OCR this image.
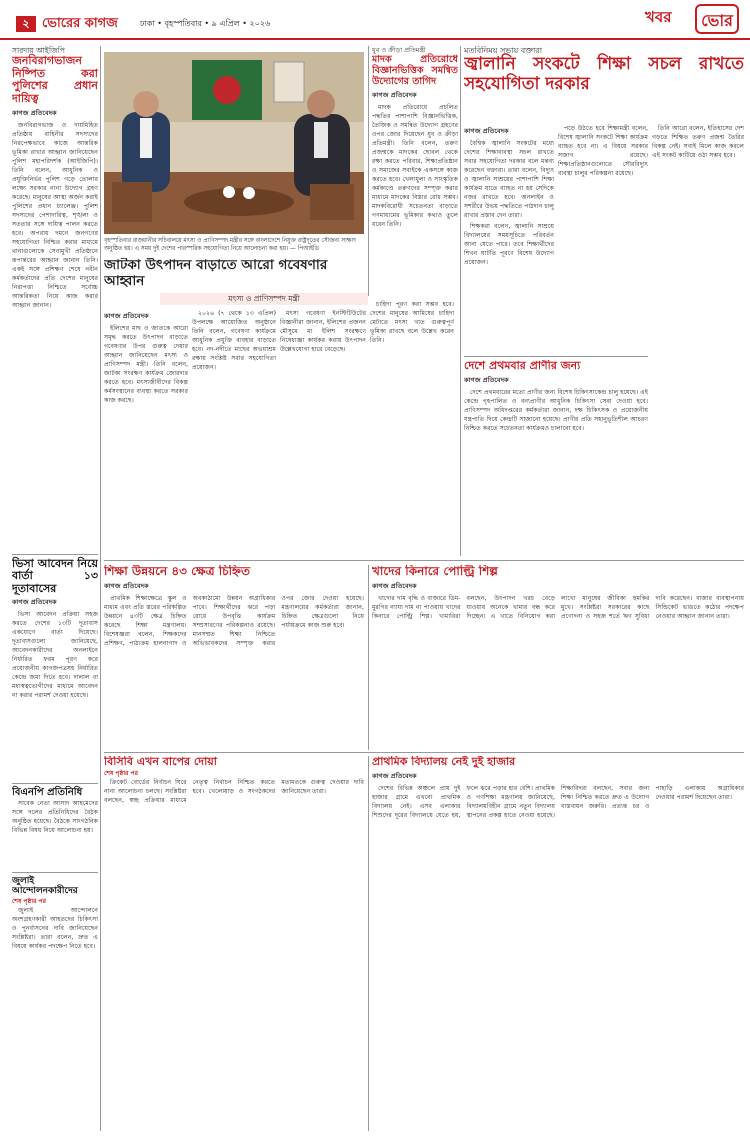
২ ভোরের কাগজ	ঢাকা • বৃহস্পতিবার • ৯ এপ্রিল • ২০২৬	খবর	ভোর
সারদায় আইজিপি
জনবিরাগভাজন নিষ্পিত করা পুলিশের প্রধান দায়িত্ব
কাগজ প্রতিবেদক

জনবিরাগভাজ ও দায়মিহিত প্রতিষ্ঠায় বাহিনীর সদস্যদের নিরপেক্ষভাবে কাজে আন্তরিক ভূমিকা রাখার আহ্বান জানিয়েছেন পুলিশ মহাপরিদর্শক (আইজিপি)। তিনি বলেন, আধুনিক ও প্রযুক্তিনির্ভর পুলিশ গড়ে তোলার লক্ষ্যে সরকার নানা উদ্যোগ গ্রহণ করেছে। মানুষের আস্থা অর্জন করাই পুলিশের প্রধান চ্যালেঞ্জ। পুলিশ সদস্যদের পেশাদারিত্ব, শৃঙ্খলা ও সততার সঙ্গে দায়িত্ব পালন করতে হবে। অপরাধ দমনে জনগণের সহযোগিতা নিশ্চিত করার মাধ্যমে থানাগুলোকে সেবামুখী প্রতিষ্ঠানে রূপান্তরের আহ্বান জানান তিনি। একই সঙ্গে প্রশিক্ষণ শেষে নবীন কর্মকর্তাদের প্রতি দেশের মানুষের নিরাপত্তা নিশ্চিতে সর্বোচ্চ আন্তরিকতা নিয়ে কাজ করার আহ্বান জানান।

ভিসা আবেদন নিয়ে বার্তা ১৩ দূতাবাসের
কাগজ প্রতিবেদক

ভিসা আবেদন প্রক্রিয়া সহজ করতে দেশের ১৩টি দূতাবাস একযোগে বার্তা দিয়েছে। দূতাবাসগুলো জানিয়েছে, আবেদনকারীদের অনলাইনে নির্ধারিত ফরম পূরণ করে প্রয়োজনীয় কাগজপত্রসহ নির্ধারিত কেন্দ্রে জমা দিতে হবে। দালাল বা মধ্যস্বত্বভোগীদের মাধ্যমে আবেদন না করার পরামর্শ দেওয়া হয়েছে।

বিএনপি প্রতিনিধি

সাবেক নেতা আসাদ আহমেদের সঙ্গে দলের প্রতিনিধিদের বৈঠক অনুষ্ঠিত হয়েছে। বৈঠকে সাংগঠনিক বিভিন্ন বিষয় নিয়ে আলোচনা হয়।

জুলাই আন্দোলনকারীদের
শেষ পৃষ্ঠার পর

জুলাই আন্দোলনে অংশগ্রহণকারী আহতদের চিকিৎসা ও পুনর্বাসনের দাবি জানিয়েছেন সংশ্লিষ্টরা। তারা বলেন, দ্রুত এ বিষয়ে কার্যকর পদক্ষেপ নিতে হবে।

বৃহস্পতিবার রাজধানীর সচিবালয়ে মৎস্য ও প্রাণিসম্পদ মন্ত্রীর সঙ্গে বাংলাদেশে নিযুক্ত রাষ্ট্রদূতের সৌজন্য সাক্ষাৎ অনুষ্ঠিত হয়। এ সময় দুই দেশের পারস্পরিক সহযোগিতা নিয়ে আলোচনা করা হয়। — পিআইডি
জাটকা উৎপাদন বাড়াতে আরো গবেষণার আহ্বান
মৎস্য ও প্রাণিসম্পদ মন্ত্রী
কাগজ প্রতিবেদক

ইলিশের মাছ ও জাতকে আরো সমৃদ্ধ করতে উৎপাদন বাড়াতে গবেষণার উপর গুরুত্ব দেয়ার আহ্বান জানিয়েছেন মৎস্য ও প্রাণিসম্পদ মন্ত্রী। তিনি বলেন, জাটকা সংরক্ষণ কার্যক্রম জোরদার করতে হবে। মৎস্যজীবীদের বিকল্প কর্মসংস্থানের ব্যবস্থা করতে সরকার কাজ করছে।

২০২৬ (৭ থেকে ১৩ এপ্রিল) উপলক্ষে আয়োজিত অনুষ্ঠানে তিনি বলেন, গবেষণা কার্যক্রমে আধুনিক প্রযুক্তি ব্যবহার বাড়াতে হবে। নদ-নদীতে মাছের অভয়াশ্রম রক্ষায় সংশ্লিষ্ট সবার সহযোগিতা প্রয়োজন।

মৎস্য গবেষণা ইনস্টিটিউটের বিজ্ঞানীরা জানান, ইলিশের প্রজনন মৌসুমে মা ইলিশ সংরক্ষণে নিষেধাজ্ঞা কার্যকর করায় উৎপাদন উল্লেখযোগ্য হারে বেড়েছে।

চাহিদা পূরণ করা সম্ভব হবে। দেশের মানুষের আমিষের চাহিদা মেটাতে মৎস্য খাত গুরুত্বপূর্ণ ভূমিকা রাখছে বলে উল্লেখ করেন তিনি।

যুব ও ক্রীড়া প্রতিমন্ত্রী
মাদক প্রতিরোধে বিজ্ঞানভিত্তিক সমন্বিত উদ্যোগের তাগিদ
কাগজ প্রতিবেদক

মাদক প্রতিরোধে প্রচলিত পদ্ধতির পাশাপাশি বিজ্ঞানভিত্তিক, তৈজিক ও সমন্বিত উদ্যোগ গ্রহণের ওপর জোর দিয়েছেন যুব ও ক্রীড়া প্রতিমন্ত্রী। তিনি বলেন, তরুণ প্রজন্মকে মাদকের ছোবল থেকে রক্ষা করতে পরিবার, শিক্ষাপ্রতিষ্ঠান ও সমাজের সবাইকে একসঙ্গে কাজ করতে হবে। খেলাধুলা ও সাংস্কৃতিক কর্মকাণ্ডে তরুণদের সম্পৃক্ত করার মাধ্যমে মাদকের বিস্তার রোধ সম্ভব। মাদকবিরোধী সচেতনতা বাড়াতে গণমাধ্যমের ভূমিকার কথাও তুলে ধরেন তিনি।

মতবিনিময় সভায় বক্তারা
জ্বালানি সংকটে শিক্ষা সচল রাখতে সহযোগিতা দরকার
কাগজ প্রতিবেদক

বৈশ্বিক জ্বালানি সংকটের মধ্যে দেশের শিক্ষাব্যবস্থা সচল রাখতে সবার সহযোগিতা দরকার বলে মন্তব্য করেছেন বক্তারা। তারা বলেন, বিদ্যুৎ ও জ্বালানি সাশ্রয়ের পাশাপাশি শিক্ষা কার্যক্রম যাতে ব্যাহত না হয় সেদিকে নজর রাখতে হবে। অনলাইন ও সশরীরে উভয় পদ্ধতিতে পাঠদান চালু রাখার প্রস্তাব দেন তারা।

শিক্ষকরা বলেন, জ্বালানি সাশ্রয়ে বিদ্যালয়ের সময়সূচিতে পরিবর্তন আনা যেতে পারে। তবে শিক্ষার্থীদের শিখন ঘাটতি পূরণে বিশেষ উদ্যোগ প্রয়োজন।

পড়ে উঠতে হবে শিক্ষামন্ত্রী বলেন, বিশেষ জ্বালানি সংকটে শিক্ষা কার্যক্রম ব্যাহত হবে না। এ বিষয়ে সরকার সজাগ রয়েছে। শিক্ষাপ্রতিষ্ঠানগুলোতে সৌরবিদ্যুৎ ব্যবস্থা চালুর পরিকল্পনা রয়েছে।

তিনি আরো বলেন, ইতিহাসের দেশ গড়তে শিক্ষিত তরুণ প্রজন্ম তৈরির বিকল্প নেই। সবাই মিলে কাজ করলে এই সংকট কাটিয়ে ওঠা সম্ভব হবে।

দেশে প্রথমবার প্রাণীর জন্য
কাগজ প্রতিবেদক

দেশে প্রথমবারের মতো প্রাণীর জন্য বিশেষ চিকিৎসাকেন্দ্র চালু হয়েছে। এই কেন্দ্রে গৃহপালিত ও বন্যপ্রাণীর আধুনিক চিকিৎসা সেবা দেওয়া হবে। প্রাণিসম্পদ অধিদপ্তরের কর্মকর্তারা জানান, দক্ষ চিকিৎসক ও প্রয়োজনীয় যন্ত্রপাতি দিয়ে কেন্দ্রটি সাজানো হয়েছে। প্রাণীর প্রতি সহানুভূতিশীল আচরণ নিশ্চিত করতে সচেতনতা কার্যক্রমও চালানো হবে।

শিক্ষা উন্নয়নে ৪৩ ক্ষেত্র চিহ্নিত
কাগজ প্রতিবেদক

প্রাথমিক শিক্ষাক্ষেত্রে স্কুল ও মাধ্যম এবং প্রতি স্তরের পরিকল্পিত উন্নয়নে ৪৩টি ক্ষেত্র চিহ্নিত করেছে শিক্ষা মন্ত্রণালয়। বিশেষজ্ঞরা বলেন, শিক্ষকদের প্রশিক্ষণ, পাঠ্যক্রম হালনাগাদ ও অবকাঠামো উন্নয়ন অগ্রাধিকার পাবে। শিক্ষার্থীদের ঝরে পড়া রোধে উপবৃত্তি কার্যক্রম সম্প্রসারণের পরিকল্পনাও রয়েছে। মানসম্মত শিক্ষা নিশ্চিতে অভিভাবকদের সম্পৃক্ত করার ওপর জোর দেওয়া হয়েছে। মন্ত্রণালয়ের কর্মকর্তারা জানান, চিহ্নিত ক্ষেত্রগুলো নিয়ে পর্যায়ক্রমে কাজ শুরু হবে।

খাদের কিনারে পোল্ট্রি শিল্প
কাগজ প্রতিবেদক

খাদ্যের দাম বৃদ্ধি ও বাজারে ডিম-মুরগির ন্যায্য দাম না পাওয়ায় খাদের কিনারে পোল্ট্রি শিল্প। খামারিরা বলছেন, উৎপাদন খরচ বেড়ে যাওয়ায় অনেকে খামার বন্ধ করে দিচ্ছেন। এ খাতে বিনিয়োগ করা লাখো মানুষের জীবিকা হুমকির মুখে। সংশ্লিষ্টরা সরকারের কাছে প্রণোদনা ও সহজ শর্তে ঋণ সুবিধা দাবি করেছেন। বাজার ব্যবস্থাপনায় সিন্ডিকেট ভাঙতে কঠোর পদক্ষেপ নেওয়ার আহ্বান জানান তারা।

বিসিবি এখন বাপের দোয়া
শেষ পৃষ্ঠার পর

ক্রিকেট বোর্ডের নির্বাচন ঘিরে নানা আলোচনা চলছে। সংশ্লিষ্টরা বলছেন, স্বচ্ছ প্রক্রিয়ার মাধ্যমে নেতৃত্ব নির্বাচন নিশ্চিত করতে হবে। খেলোয়াড় ও সংগঠকদের মতামতকে গুরুত্ব দেওয়ার দাবি জানিয়েছেন তারা।

প্রাথমিক বিদ্যালয় নেই দুই হাজার
কাগজ প্রতিবেদক

দেশের বিভিন্ন অঞ্চলে প্রায় দুই হাজার গ্রামে এখনো প্রাথমিক বিদ্যালয় নেই। এসব এলাকার শিশুদের দূরের বিদ্যালয়ে যেতে হয়, ফলে ঝরে পড়ার হার বেশি। প্রাথমিক ও গণশিক্ষা মন্ত্রণালয় জানিয়েছে, বিদ্যালয়বিহীন গ্রামে নতুন বিদ্যালয় স্থাপনের প্রকল্প হাতে নেওয়া হয়েছে। শিক্ষাবিদরা বলছেন, সবার জন্য শিক্ষা নিশ্চিত করতে দ্রুত এ উদ্যোগ বাস্তবায়ন জরুরি। প্রত্যন্ত চর ও পাহাড়ি এলাকায় অগ্রাধিকার দেওয়ার পরামর্শ দিয়েছেন তারা।
